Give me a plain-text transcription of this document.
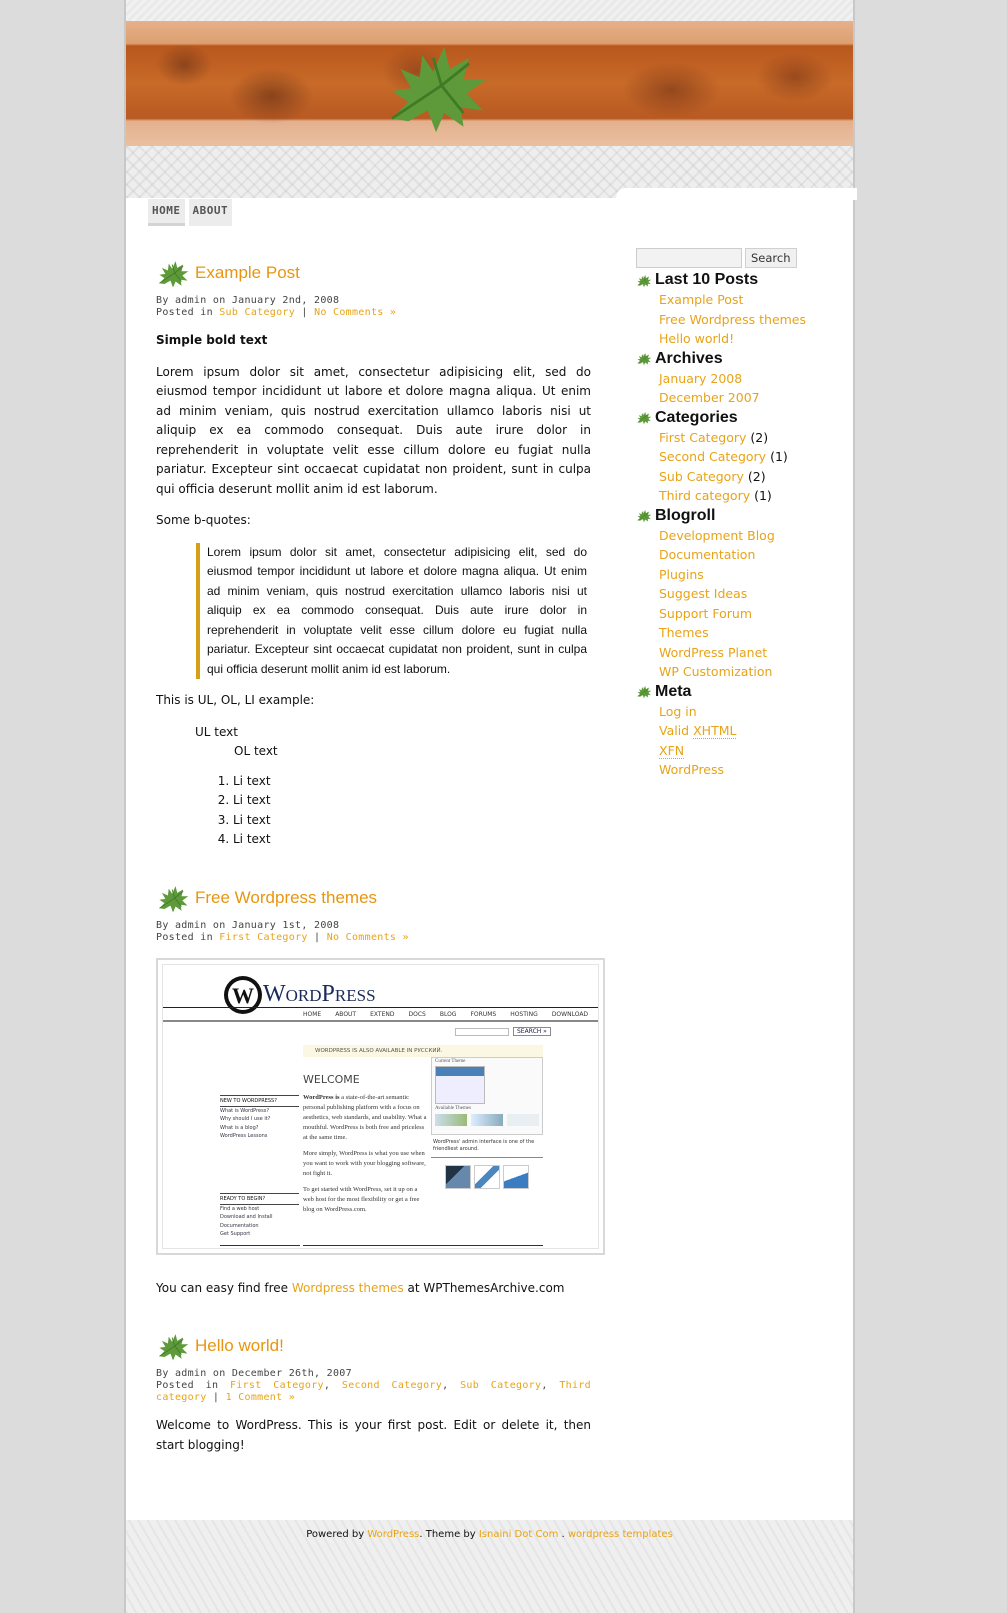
HOME	ABOUT
Example Post
By admin on January 2nd, 2008
Posted in Sub Category | No Comments »

Simple bold text

Lorem ipsum dolor sit amet, consectetur adipisicing elit, sed do eiusmod tempor incididunt ut labore et dolore magna aliqua. Ut enim ad minim veniam, quis nostrud exercitation ullamco laboris nisi ut aliquip ex ea commodo consequat. Duis aute irure dolor in reprehenderit in voluptate velit esse cillum dolore eu fugiat nulla pariatur. Excepteur sint occaecat cupidatat non proident, sunt in culpa qui officia deserunt mollit anim id est laborum.

Some b-quotes:

Lorem ipsum dolor sit amet, consectetur adipisicing elit, sed do eiusmod tempor incididunt ut labore et dolore magna aliqua. Ut enim ad minim veniam, quis nostrud exercitation ullamco laboris nisi ut aliquip ex ea commodo consequat. Duis aute irure dolor in reprehenderit in voluptate velit esse cillum dolore eu fugiat nulla pariatur. Excepteur sint occaecat cupidatat non proident, sunt in culpa qui officia deserunt mollit anim id est laborum.

This is UL, OL, LI example:

UL text
OL text
1. Li text
2. Li text
3. Li text
4. Li text
Free Wordpress themes
By admin on January 1st, 2008
Posted in First Category | No Comments »
W WordPress
HOME ABOUT EXTEND DOCS BLOG FORUMS HOSTING DOWNLOAD
SEARCH »
WORDPRESS IS ALSO AVAILABLE IN РУССКИЙ.
WELCOME
NEW TO WORDPRESS?
What is WordPress?
Why should I use it?
What is a blog?
WordPress Lessons
READY TO BEGIN?
Find a web host
Download and Install
Documentation
Get Support
WordPress is a state-of-the-art semantic personal publishing platform with a focus on aesthetics, web standards, and usability. What a mouthful. WordPress is both free and priceless at the same time.
More simply, WordPress is what you use when you want to work with your blogging software, not fight it.
To get started with WordPress, set it up on a web host for the most flexibility or get a free blog on WordPress.com.
Current Theme
Available Themes
WordPress' admin interface is one of the friendliest around.

You can easy find free Wordpress themes at WPThemesArchive.com

Hello world!
By admin on December 26th, 2007
Posted in First Category, Second Category, Sub Category, Third category | 1 Comment »

Welcome to WordPress. This is your first post. Edit or delete it, then start blogging!

Search
Last 10 Posts
Example Post
Free Wordpress themes
Hello world!
Archives
January 2008
December 2007
Categories
First Category (2)
Second Category (1)
Sub Category (2)
Third category (1)
Blogroll
Development Blog
Documentation
Plugins
Suggest Ideas
Support Forum
Themes
WordPress Planet
WP Customization
Meta
Log in
Valid XHTML
XFN
WordPress
Powered by WordPress. Theme by Isnaini Dot Com . wordpress templates
